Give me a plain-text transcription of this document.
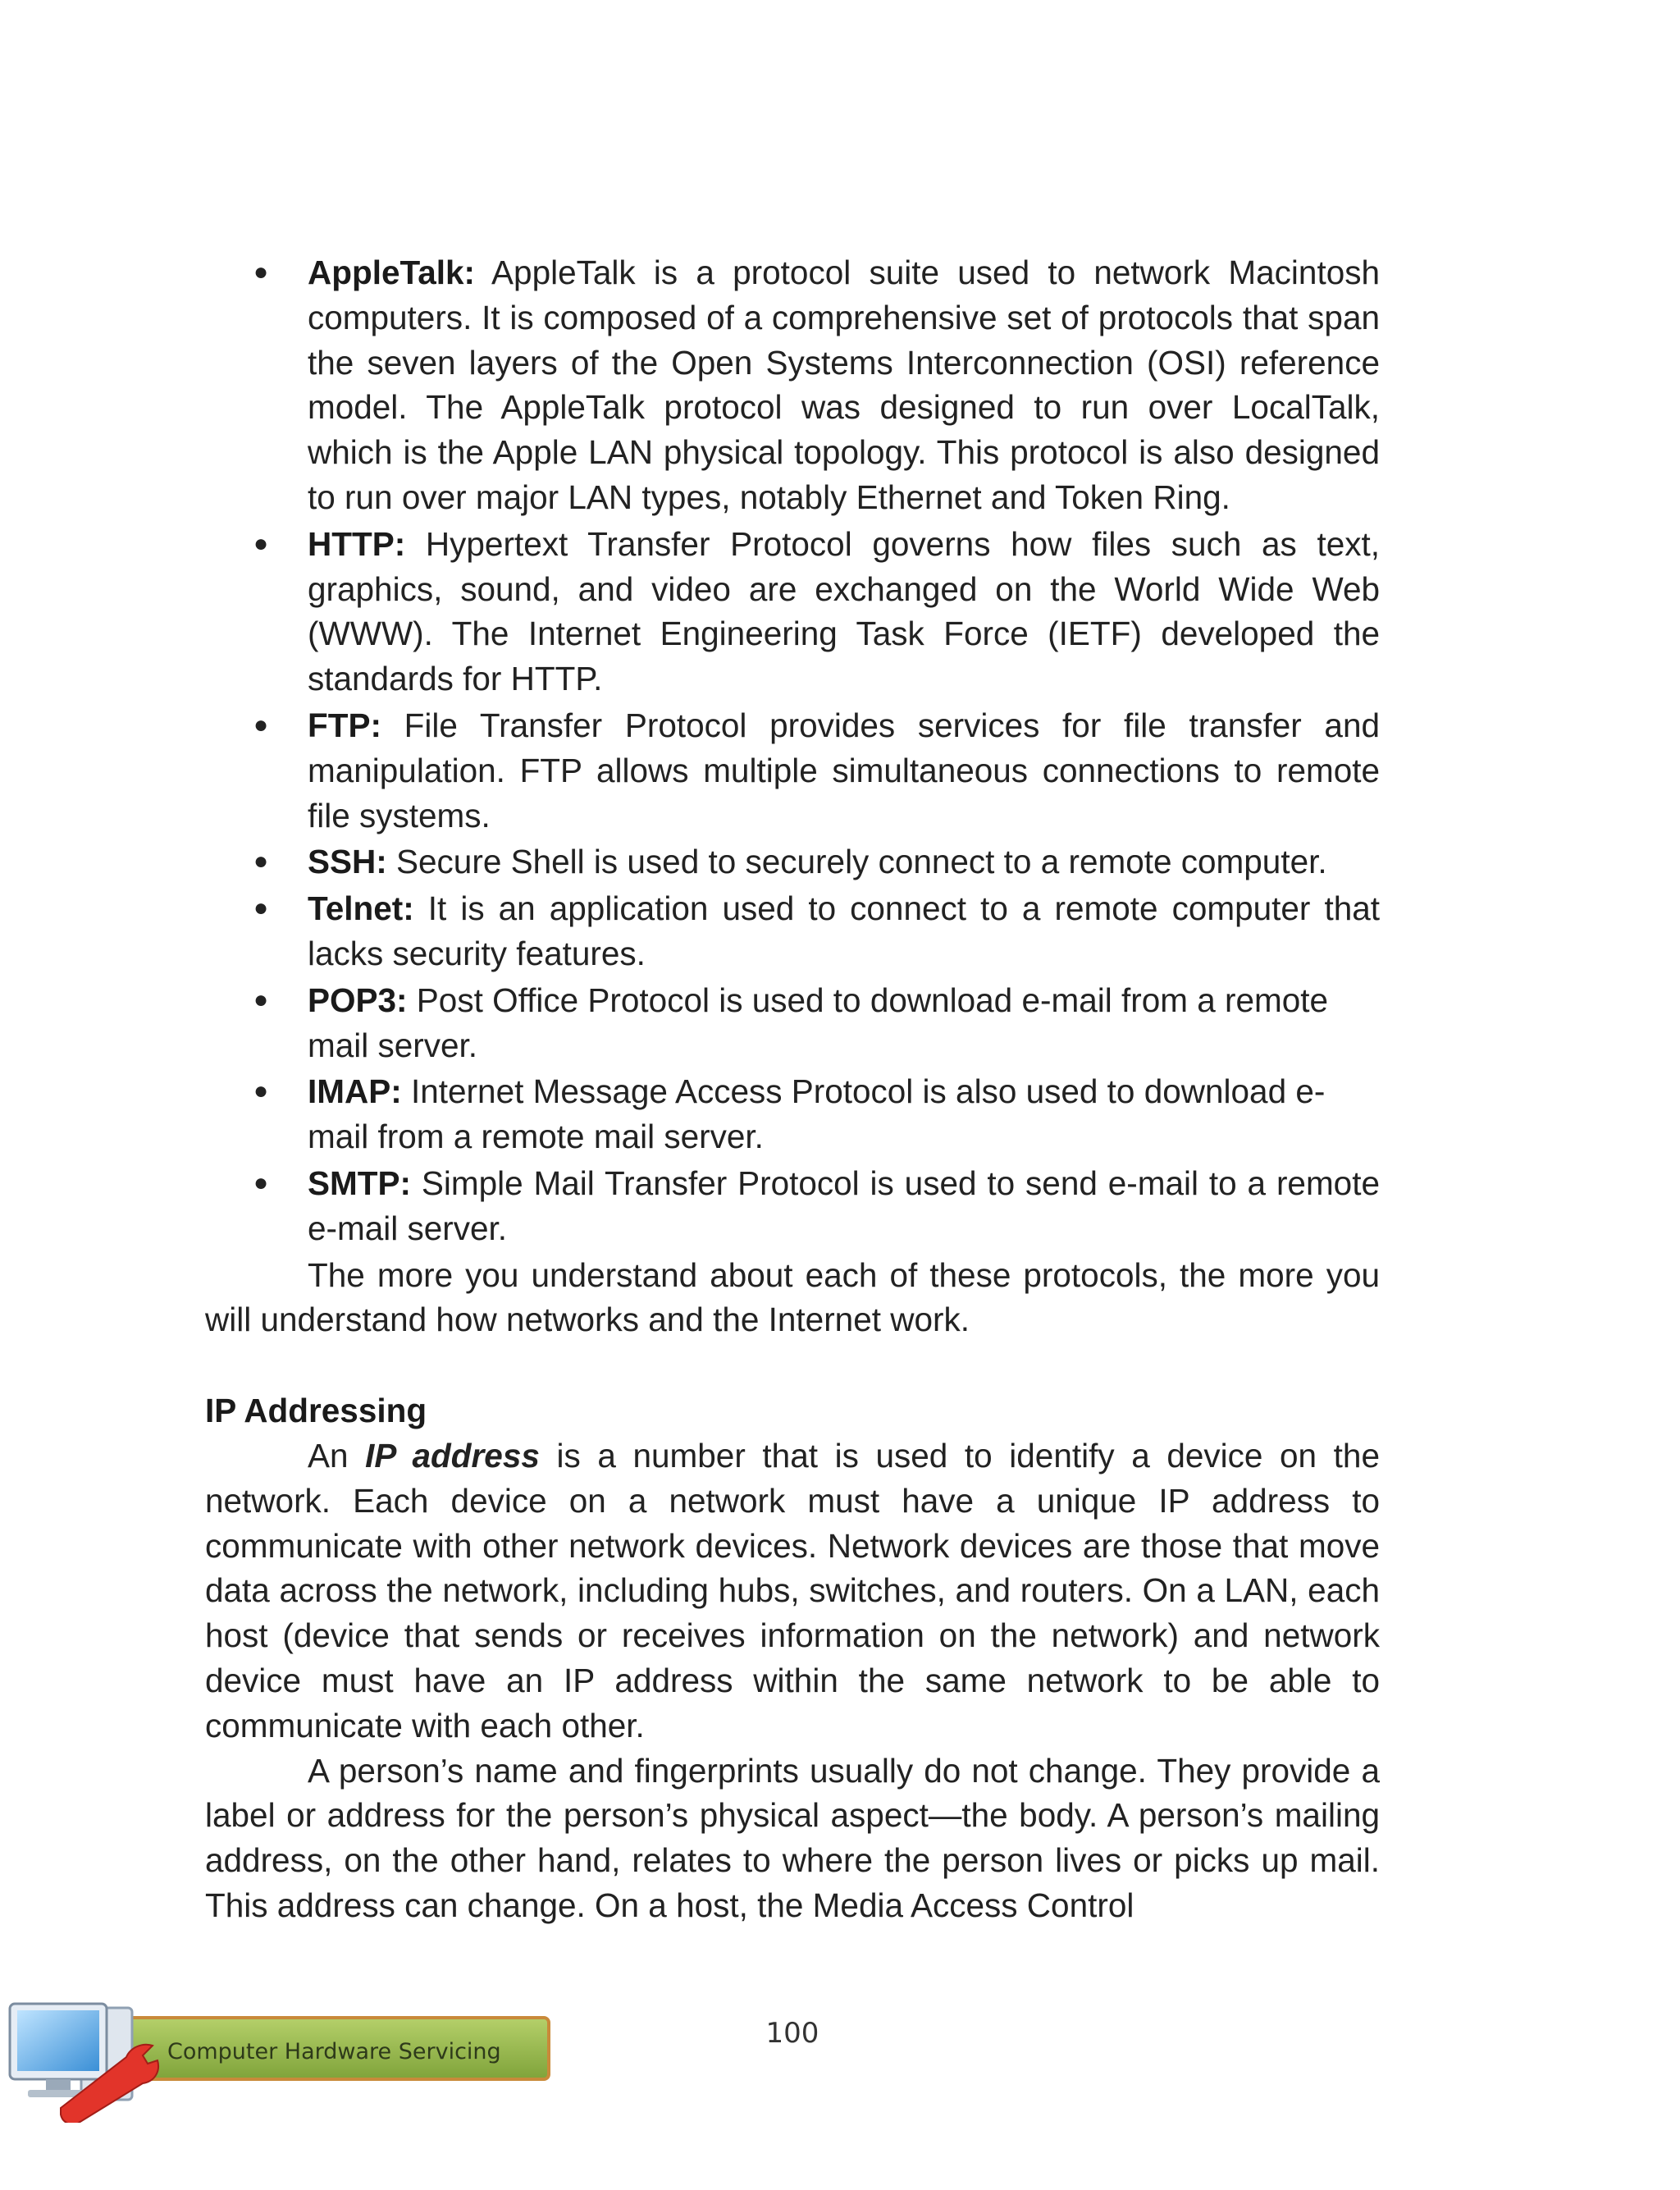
● AppleTalk: AppleTalk is a protocol suite used to network Macintosh computers. It is composed of a comprehensive set of protocols that span the seven layers of the Open Systems Interconnection (OSI) reference model. The AppleTalk protocol was designed to run over LocalTalk, which is the Apple LAN physical topology. This protocol is also designed to run over major LAN types, notably Ethernet and Token Ring.
● HTTP: Hypertext Transfer Protocol governs how files such as text, graphics, sound, and video are exchanged on the World Wide Web (WWW). The Internet Engineering Task Force (IETF) developed the standards for HTTP.
● FTP: File Transfer Protocol provides services for file transfer and manipulation. FTP allows multiple simultaneous connections to remote file systems.
● SSH: Secure Shell is used to securely connect to a remote computer.
● Telnet: It is an application used to connect to a remote computer that lacks security features.
● POP3: Post Office Protocol is used to download e-mail from a remote mail server.
● IMAP: Internet Message Access Protocol is also used to download e-mail from a remote mail server.
● SMTP: Simple Mail Transfer Protocol is used to send e-mail to a remote e-mail server.

The more you understand about each of these protocols, the more you will understand how networks and the Internet work.

IP Addressing

An IP address is a number that is used to identify a device on the network. Each device on a network must have a unique IP address to communicate with other network devices. Network devices are those that move data across the network, including hubs, switches, and routers. On a LAN, each host (device that sends or receives information on the network) and network device must have an IP address within the same network to be able to communicate with each other.

A person’s name and fingerprints usually do not change. They provide a label or address for the person’s physical aspect—the body. A person’s mailing address, on the other hand, relates to where the person lives or picks up mail. This address can change. On a host, the Media Access Control

100
Computer Hardware Servicing
